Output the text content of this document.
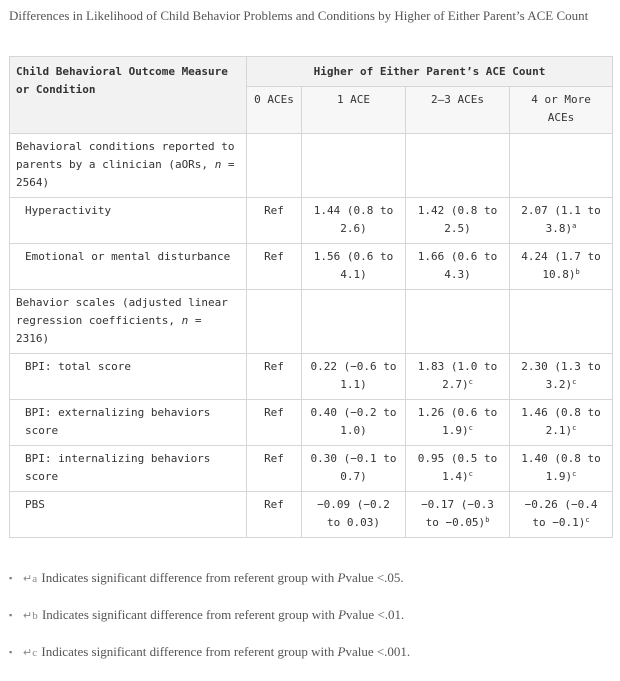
Differences in Likelihood of Child Behavior Problems and Conditions by Higher of Either Parent’s ACE Count
Child Behavioral Outcome Measure or Condition	Higher of Either Parent’s ACE Count			
	0 ACEs	1 ACE	2–3 ACEs	4 or More ACEs
Behavioral conditions reported to parents by a clinician (aORs, n = 2564)				
Hyperactivity	Ref	1.44 (0.8 to 2.6)	1.42 (0.8 to 2.5)	2.07 (1.1 to 3.8)$^a$
Emotional or mental disturbance	Ref	1.56 (0.6 to 4.1)	1.66 (0.6 to 4.3)	4.24 (1.7 to 10.8)$^b$
Behavior scales (adjusted linear regression coefficients, n = 2316)				
BPI: total score	Ref	0.22 (−0.6 to 1.1)	1.83 (1.0 to 2.7)$^c$	2.30 (1.3 to 3.2)$^c$
BPI: externalizing behaviors score	Ref	0.40 (−0.2 to 1.0)	1.26 (0.6 to 1.9)$^c$	1.46 (0.8 to 2.1)$^c$
BPI: internalizing behaviors score	Ref	0.30 (−0.1 to 0.7)	0.95 (0.5 to 1.4)$^c$	1.40 (0.8 to 1.9)$^c$
PBS	Ref	−0.09 (−0.2 to 0.03)	−0.17 (−0.3 to −0.05)$^b$	−0.26 (−0.4 to −0.1)$^c$
▪ ↵a Indicates significant difference from referent group with Pvalue <.05.
▪ ↵b Indicates significant difference from referent group with Pvalue <.01.
▪ ↵c Indicates significant difference from referent group with Pvalue <.001.
